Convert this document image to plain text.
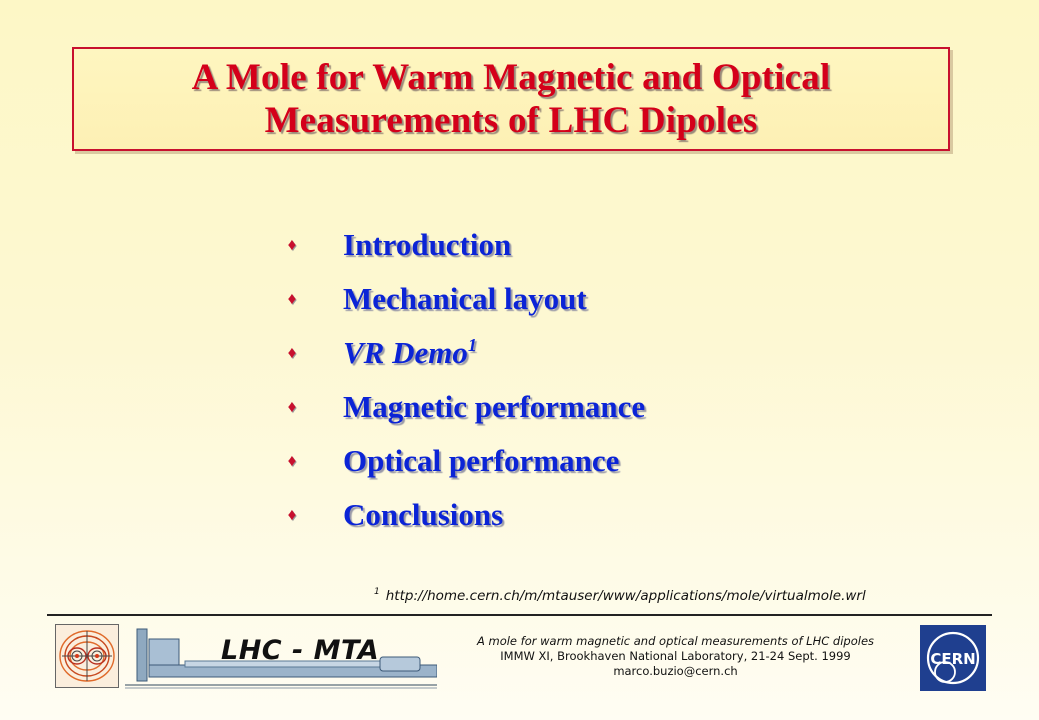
A Mole for Warm Magnetic and Optical
Measurements of LHC Dipoles
♦ Introduction
♦ Mechanical layout
♦ VR Demo$^1$
♦ Magnetic performance
♦ Optical performance
♦ Conclusions
$^1$ http://home.cern.ch/m/mtauser/www/applications/mole/virtualmole.wrl
LHC - MTA	A mole for warm magnetic and optical measurements of LHC dipoles
IMMW XI, Brookhaven National Laboratory, 21-24 Sept. 1999
marco.buzio@cern.ch
CERN
